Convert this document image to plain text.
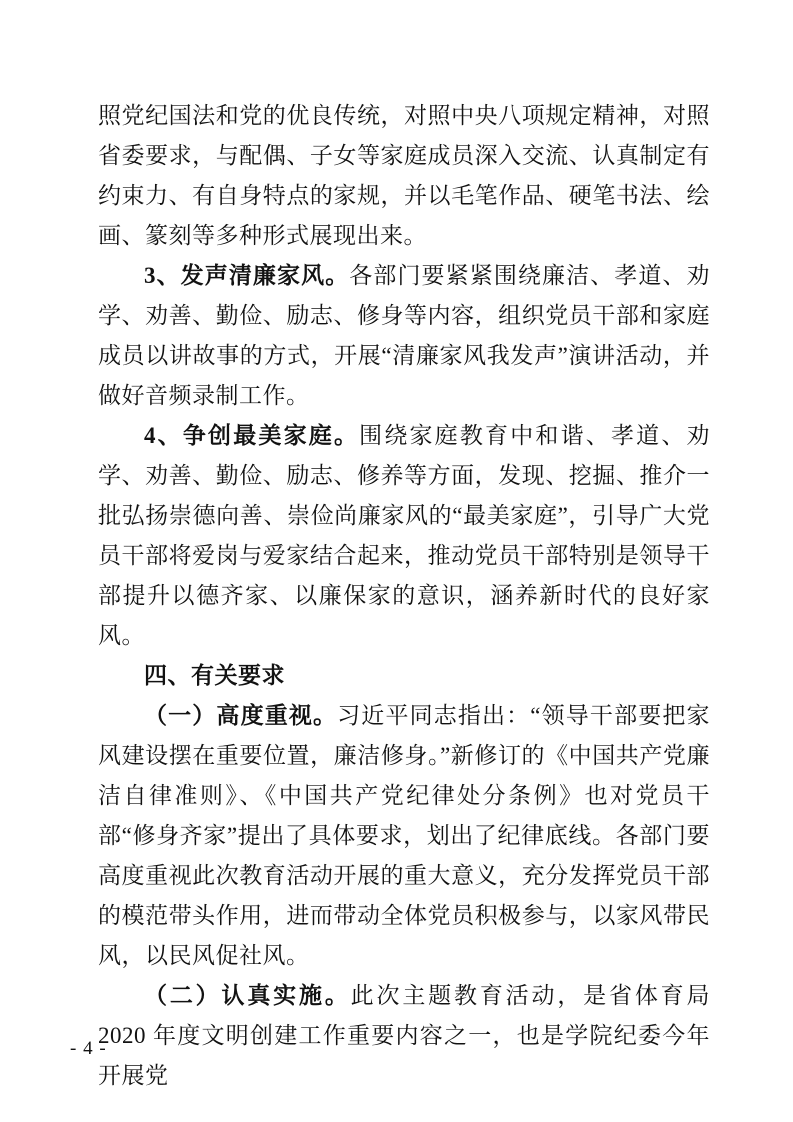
照党纪国法和党的优良传统，对照中央八项规定精神，对照省委要求，与配偶、子女等家庭成员深入交流、认真制定有约束力、有自身特点的家规，并以毛笔作品、硬笔书法、绘画、篆刻等多种形式展现出来。

3、发声清廉家风。各部门要紧紧围绕廉洁、孝道、劝学、劝善、勤俭、励志、修身等内容，组织党员干部和家庭成员以讲故事的方式，开展“清廉家风我发声”演讲活动，并做好音频录制工作。

4、争创最美家庭。围绕家庭教育中和谐、孝道、劝学、劝善、勤俭、励志、修养等方面，发现、挖掘、推介一批弘扬崇德向善、崇俭尚廉家风的“最美家庭”，引导广大党员干部将爱岗与爱家结合起来，推动党员干部特别是领导干部提升以德齐家、以廉保家的意识，涵养新时代的良好家风。

四、有关要求

（一）高度重视。习近平同志指出：“领导干部要把家风建设摆在重要位置，廉洁修身。”新修订的《中国共产党廉洁自律准则》、《中国共产党纪律处分条例》也对党员干部“修身齐家”提出了具体要求，划出了纪律底线。各部门要高度重视此次教育活动开展的重大意义，充分发挥党员干部的模范带头作用，进而带动全体党员积极参与，以家风带民风，以民风促社风。

（二）认真实施。此次主题教育活动，是省体育局 2020 年度文明创建工作重要内容之一，也是学院纪委今年开展党

- 4 -
